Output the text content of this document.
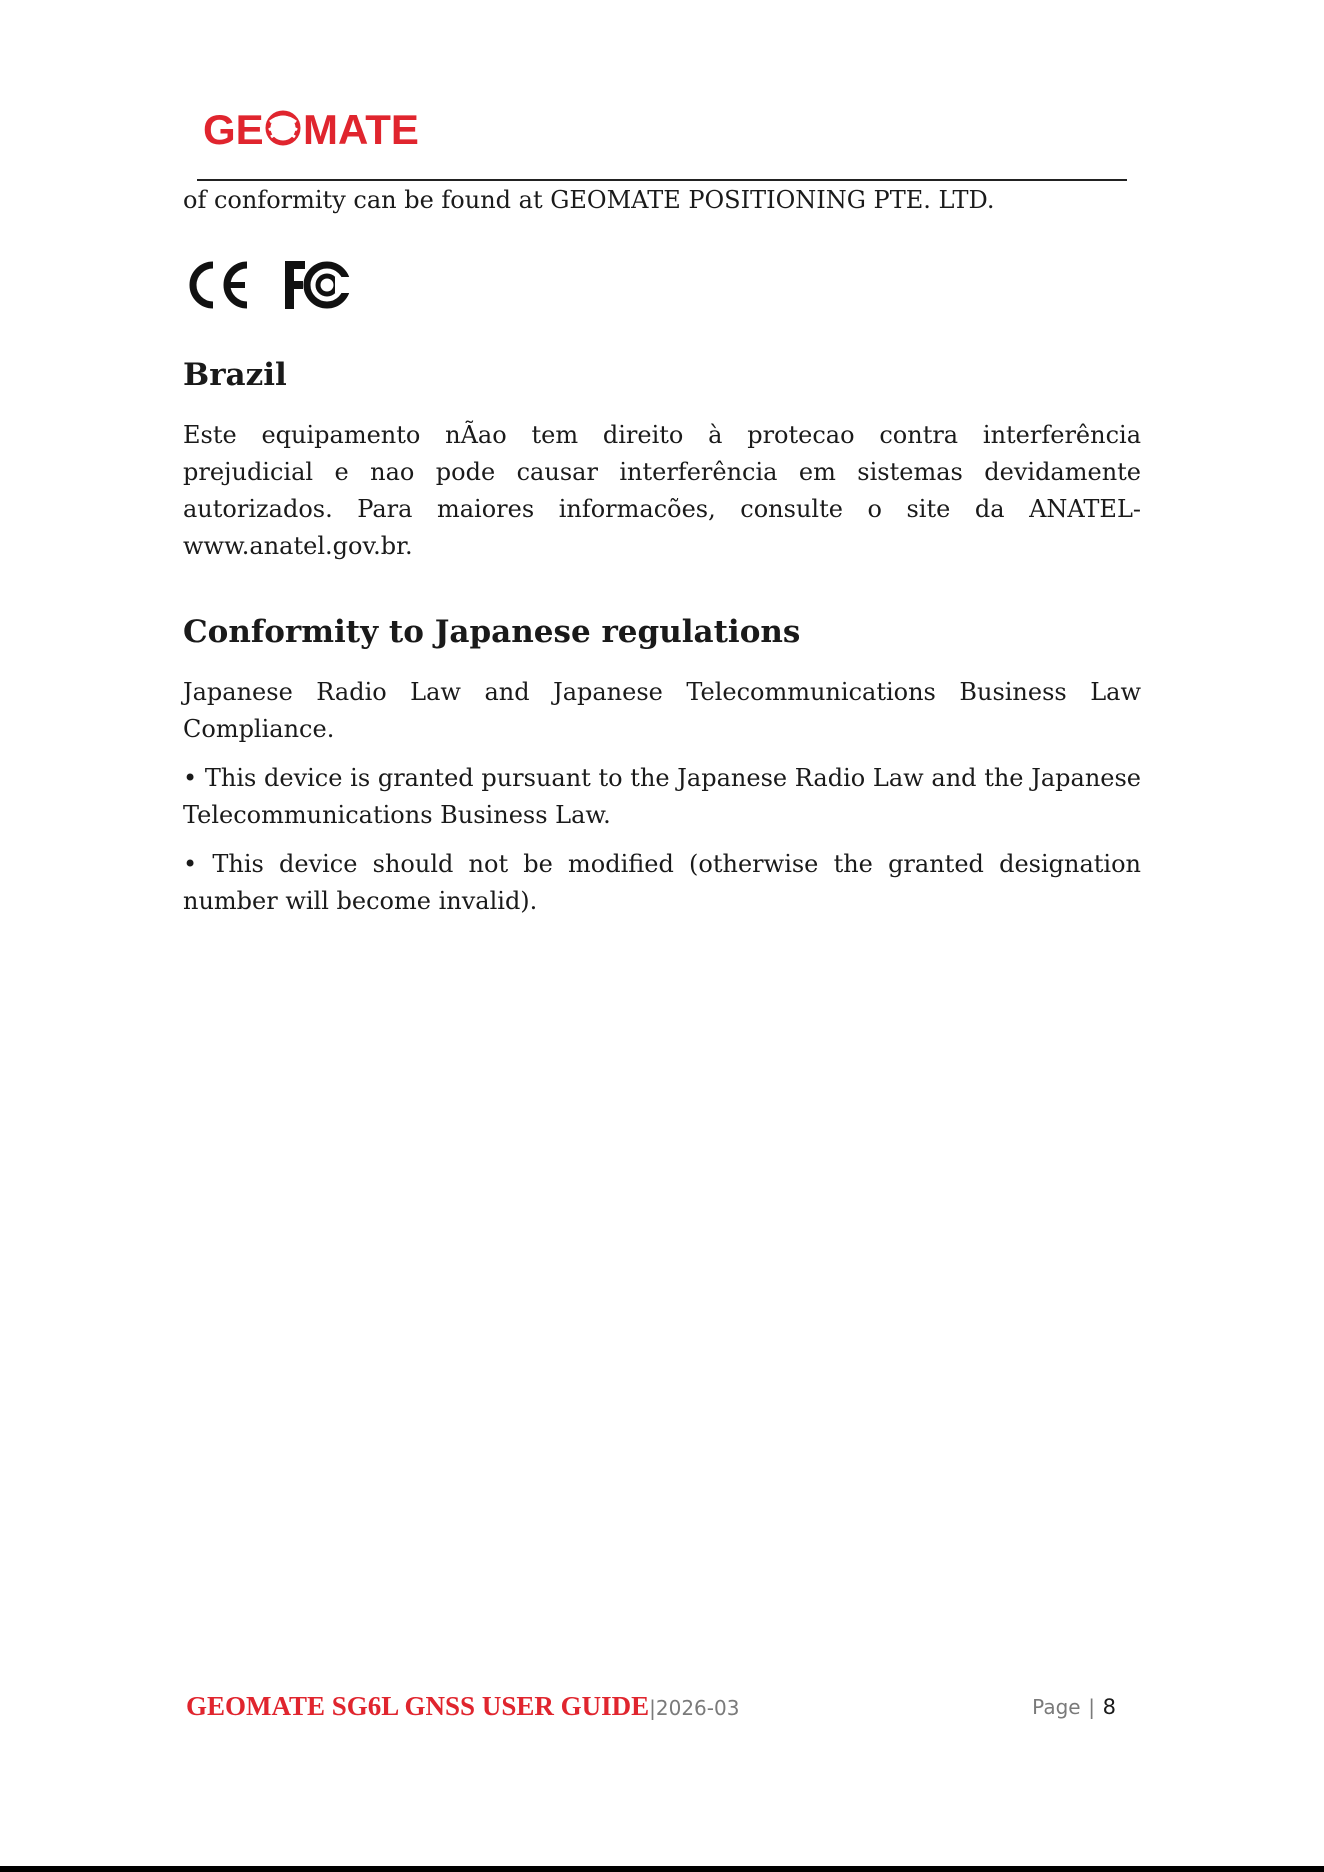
GE MATE

of conformity can be found at GEOMATE POSITIONING PTE. LTD.

Brazil

Este equipamento nÃao tem direito à protecao contra interferência prejudicial e nao pode causar interferência em sistemas devidamente autorizados. Para maiores informacões, consulte o site da ANATEL-www.anatel.gov.br.

Conformity to Japanese regulations

Japanese Radio Law and Japanese Telecommunications Business Law Compliance.

• This device is granted pursuant to the Japanese Radio Law and the Japanese Telecommunications Business Law.

• This device should not be modified (otherwise the granted designation number will become invalid).

GEOMATE SG6L GNSS USER GUIDE|2026-03	Page | 8
